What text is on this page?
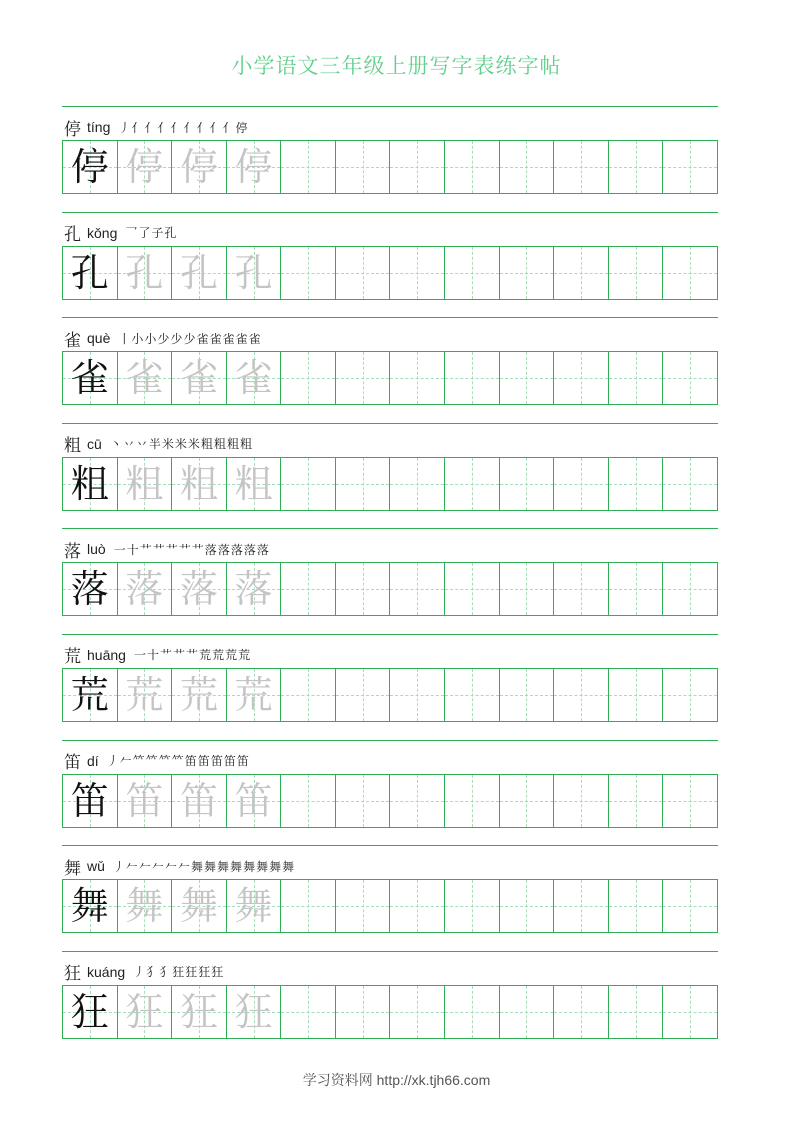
小学语文三年级上册写字表练字帖
停 tíng 丿 亻 亻 亻 亻 亻 亻 亻 亻 停
停 停 停 停
孔 kǒng 乛 了 子 孔
孔 孔 孔 孔
雀 què 丨 小 小 少 少 少 雀 雀 雀 雀 雀
雀 雀 雀 雀
粗 cū 丶 丷 丷 半 米 米 米 粗 粗 粗 粗
粗 粗 粗 粗
落 luò 一 十 艹 艹 艹 艹 艹 落 落 落 落 落
落 落 落 落
荒 huāng 一 十 艹 艹 艹 荒 荒 荒 荒
荒 荒 荒 荒
笛 dí 丿 𠂉 𥫗 𥫗 𥫗 𥫗 笛 笛 笛 笛 笛
笛 笛 笛 笛
舞 wǔ 丿 𠂉 𠂉 𠂉 𠂉 𠂉 舞 舞 舞 舞 舞 舞 舞 舞
舞 舞 舞 舞
狂 kuáng 丿 犭 犭 狂 狂 狂 狂
狂 狂 狂 狂
学习资料网 http://xk.tjh66.com
